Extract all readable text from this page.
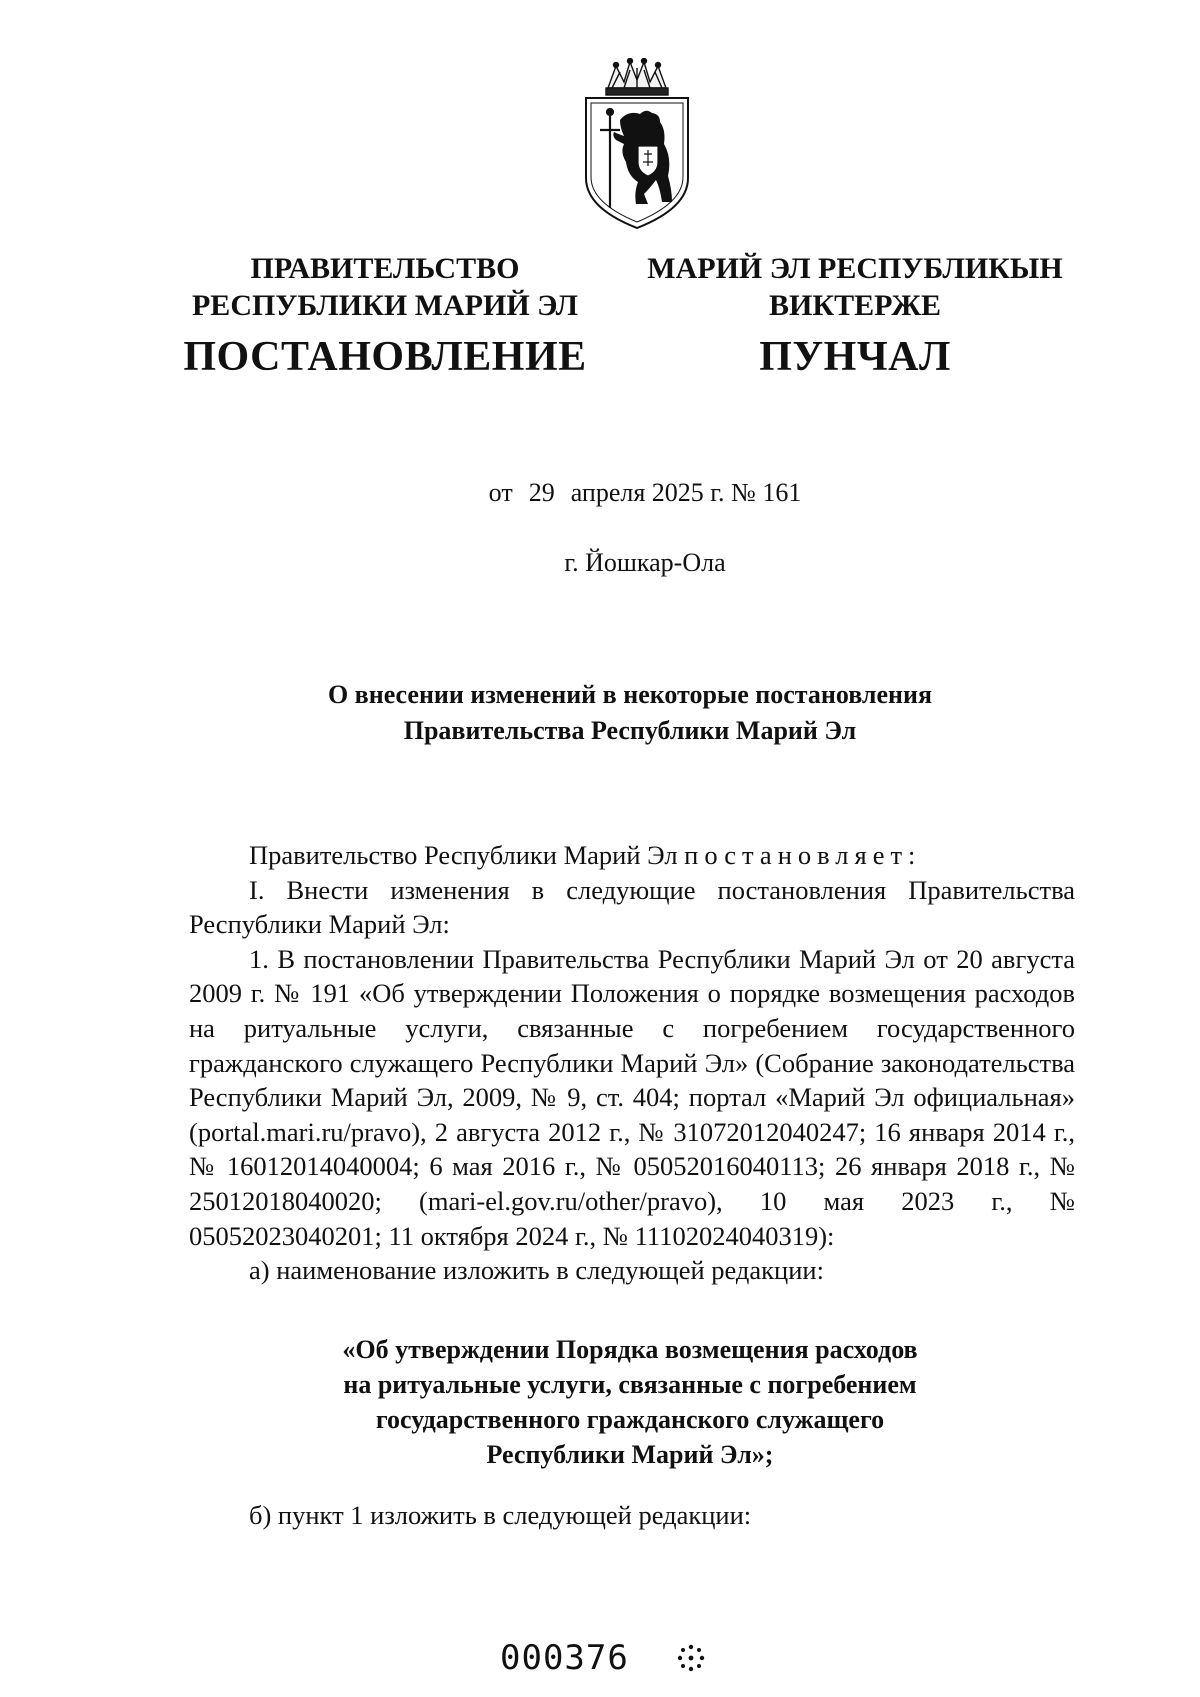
ПРАВИТЕЛЬСТВО
РЕСПУБЛИКИ МАРИЙ ЭЛ
ПОСТАНОВЛЕНИЕ
МАРИЙ ЭЛ РЕСПУБЛИКЫН
ВИКТЕРЖЕ
ПУНЧАЛ
от 29 апреля 2025 г. № 161
г. Йошкар-Ола
О внесении изменений в некоторые постановления
Правительства Республики Марий Эл

Правительство Республики Марий Эл постановляет:

I. Внести изменения в следующие постановления Правительства Республики Марий Эл:

1. В постановлении Правительства Республики Марий Эл от 20 августа 2009 г. № 191 «Об утверждении Положения о порядке возмещения расходов на ритуальные услуги, связанные с погребением государственного гражданского служащего Республики Марий Эл» (Собрание законодательства Республики Марий Эл, 2009, № 9, ст. 404; портал «Марий Эл официальная» (portal.mari.ru/pravo), 2 августа 2012 г., № 31072012040247; 16 января 2014 г., № 16012014040004; 6 мая 2016 г., № 05052016040113; 26 января 2018 г., № 25012018040020; (mari-el.gov.ru/other/pravo), 10 мая 2023 г., № 05052023040201; 11 октября 2024 г., № 11102024040319):

а) наименование изложить в следующей редакции:

«Об утверждении Порядка возмещения расходов
на ритуальные услуги, связанные с погребением
государственного гражданского служащего
Республики Марий Эл»;
б) пункт 1 изложить в следующей редакции:
000376
